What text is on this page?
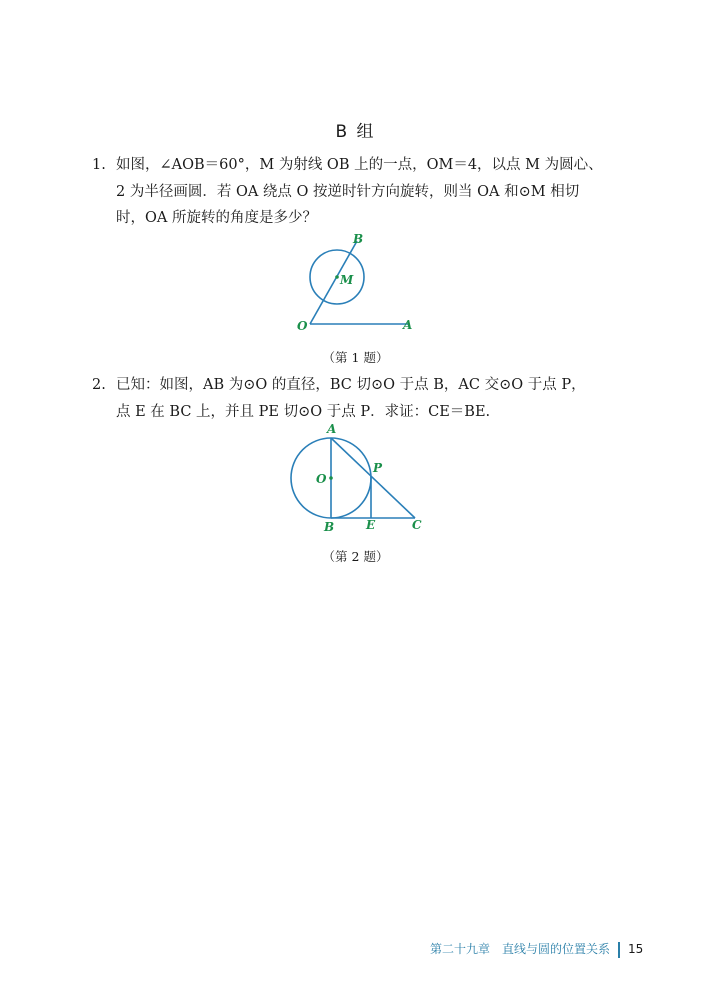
B 组
1. 如图，∠AOB＝60°，M 为射线 OB 上的一点，OM＝4，以点 M 为圆心、
2 为半径画圆．若 OA 绕点 O 按逆时针方向旋转，则当 OA 和⊙M 相切
时，OA 所旋转的角度是多少？
B
M
O	A
（第 1 题）
2. 已知：如图，AB 为⊙O 的直径，BC 切⊙O 于点 B，AC 交⊙O 于点 P，
点 E 在 BC 上，并且 PE 切⊙O 于点 P．求证：CE＝BE.
A
O
P
B	E	C
（第 2 题）
第二十九章　直线与圆的位置关系 15
